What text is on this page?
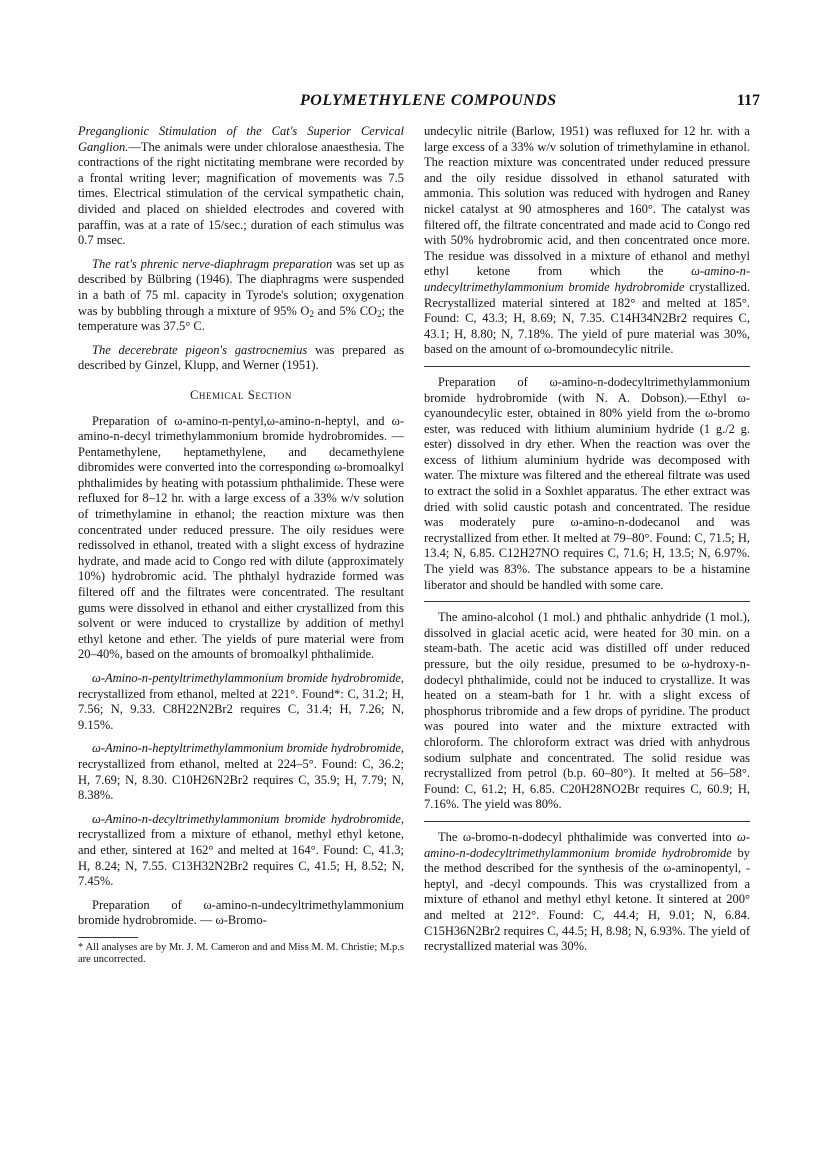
POLYMETHYLENE COMPOUNDS	117

Preganglionic Stimulation of the Cat's Superior Cervical Ganglion.—The animals were under chloralose anaesthesia. The contractions of the right nictitating membrane were recorded by a frontal writing lever; magnification of movements was 7.5 times. Electrical stimulation of the cervical sympathetic chain, divided and placed on shielded electrodes and covered with paraffin, was at a rate of 15/sec.; duration of each stimulus was 0.7 msec.

The rat's phrenic nerve-diaphragm preparation was set up as described by Bülbring (1946). The diaphragms were suspended in a bath of 75 ml. capacity in Tyrode's solution; oxygenation was by bubbling through a mixture of 95% $O_2$ and 5% $CO_2$; the temperature was 37.5° C.

The decerebrate pigeon's gastrocnemius was prepared as described by Ginzel, Klupp, and Werner (1951).

Chemical Section

Preparation of ω-amino-n-pentyl,ω-amino-n-heptyl, and ω-amino-n-decyl trimethylammonium bromide hydrobromides. — Pentamethylene, heptamethylene, and decamethylene dibromides were converted into the corresponding ω-bromoalkyl phthalimides by heating with potassium phthalimide. These were refluxed for 8–12 hr. with a large excess of a 33% w/v solution of trimethylamine in ethanol; the reaction mixture was then concentrated under reduced pressure. The oily residues were redissolved in ethanol, treated with a slight excess of hydrazine hydrate, and made acid to Congo red with dilute (approximately 10%) hydrobromic acid. The phthalyl hydrazide formed was filtered off and the filtrates were concentrated. The resultant gums were dissolved in ethanol and either crystallized from this solvent or were induced to crystallize by addition of methyl ethyl ketone and ether. The yields of pure material were from 20–40%, based on the amounts of bromoalkyl phthalimide.

ω-Amino-n-pentyltrimethylammonium bromide hydrobromide, recrystallized from ethanol, melted at 221°. Found*: C, 31.2; H, 7.56; N, 9.33. C8H22N2Br2 requires C, 31.4; H, 7.26; N, 9.15%.

ω-Amino-n-heptyltrimethylammonium bromide hydrobromide, recrystallized from ethanol, melted at 224–5°. Found: C, 36.2; H, 7.69; N, 8.30. C10H26N2Br2 requires C, 35.9; H, 7.79; N, 8.38%.

ω-Amino-n-decyltrimethylammonium bromide hydrobromide, recrystallized from a mixture of ethanol, methyl ethyl ketone, and ether, sintered at 162° and melted at 164°. Found: C, 41.3; H, 8.24; N, 7.55. C13H32N2Br2 requires C, 41.5; H, 8.52; N, 7.45%.

Preparation of ω-amino-n-undecyltrimethylammonium bromide hydrobromide. — ω-Bromo-

* All analyses are by Mr. J. M. Cameron and and Miss M. M. Christie; M.p.s are uncorrected.

undecylic nitrile (Barlow, 1951) was refluxed for 12 hr. with a large excess of a 33% w/v solution of trimethylamine in ethanol. The reaction mixture was concentrated under reduced pressure and the oily residue dissolved in ethanol saturated with ammonia. This solution was reduced with hydrogen and Raney nickel catalyst at 90 atmospheres and 160°. The catalyst was filtered off, the filtrate concentrated and made acid to Congo red with 50% hydrobromic acid, and then concentrated once more. The residue was dissolved in a mixture of ethanol and methyl ethyl ketone from which the ω-amino-n-undecyltrimethylammonium bromide hydrobromide crystallized. Recrystallized material sintered at 182° and melted at 185°. Found: C, 43.3; H, 8.69; N, 7.35. C14H34N2Br2 requires C, 43.1; H, 8.80; N, 7.18%. The yield of pure material was 30%, based on the amount of ω-bromoundecylic nitrile.

Preparation of ω-amino-n-dodecyltrimethylammonium bromide hydrobromide (with N. A. Dobson).—Ethyl ω-cyanoundecylic ester, obtained in 80% yield from the ω-bromo ester, was reduced with lithium aluminium hydride (1 g./2 g. ester) dissolved in dry ether. When the reaction was over the excess of lithium aluminium hydride was decomposed with water. The mixture was filtered and the ethereal filtrate was used to extract the solid in a Soxhlet apparatus. The ether extract was dried with solid caustic potash and concentrated. The residue was moderately pure ω-amino-n-dodecanol and was recrystallized from ether. It melted at 79–80°. Found: C, 71.5; H, 13.4; N, 6.85. C12H27NO requires C, 71.6; H, 13.5; N, 6.97%. The yield was 83%. The substance appears to be a histamine liberator and should be handled with some care.

The amino-alcohol (1 mol.) and phthalic anhydride (1 mol.), dissolved in glacial acetic acid, were heated for 30 min. on a steam-bath. The acetic acid was distilled off under reduced pressure, but the oily residue, presumed to be ω-hydroxy-n-dodecyl phthalimide, could not be induced to crystallize. It was heated on a steam-bath for 1 hr. with a slight excess of phosphorus tribromide and a few drops of pyridine. The product was poured into water and the mixture extracted with chloroform. The chloroform extract was dried with anhydrous sodium sulphate and concentrated. The solid residue was recrystallized from petrol (b.p. 60–80°). It melted at 56–58°. Found: C, 61.2; H, 6.85. C20H28NO2Br requires C, 60.9; H, 7.16%. The yield was 80%.

The ω-bromo-n-dodecyl phthalimide was converted into ω-amino-n-dodecyltrimethylammonium bromide hydrobromide by the method described for the synthesis of the ω-aminopentyl, -heptyl, and -decyl compounds. This was crystallized from a mixture of ethanol and methyl ethyl ketone. It sintered at 200° and melted at 212°. Found: C, 44.4; H, 9.01; N, 6.84. C15H36N2Br2 requires C, 44.5; H, 8.98; N, 6.93%. The yield of recrystallized material was 30%.
